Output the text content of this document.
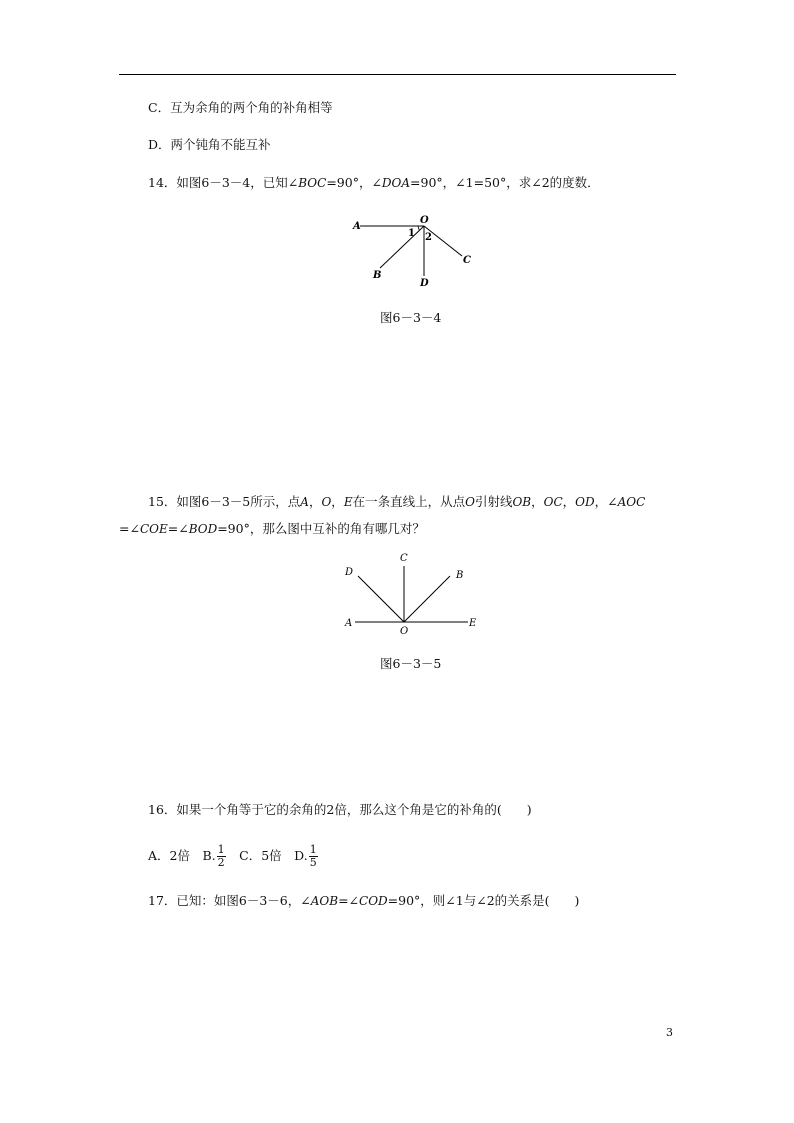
C．互为余角的两个角的补角相等
D．两个钝角不能互补
14．如图6－3－4，已知∠BOC=90°，∠DOA=90°，∠1=50°，求∠2的度数．
A
O
B
D
C
1 2
图6－3－4
15．如图6－3－5所示，点A，O，E在一条直线上，从点O引射线OB，OC，OD，∠AOC
=∠COE=∠BOD=90°，那么图中互补的角有哪几对？
A
O
E
C
D	B
图6－3－5
16．如果一个角等于它的余角的2倍，那么这个角是它的补角的(　　)
A．2倍　B. $\frac{1}{2}$ 　C．5倍　D. $\frac{1}{5}$
17．已知：如图6－3－6，∠AOB=∠COD=90°，则∠1与∠2的关系是(　　)
3
